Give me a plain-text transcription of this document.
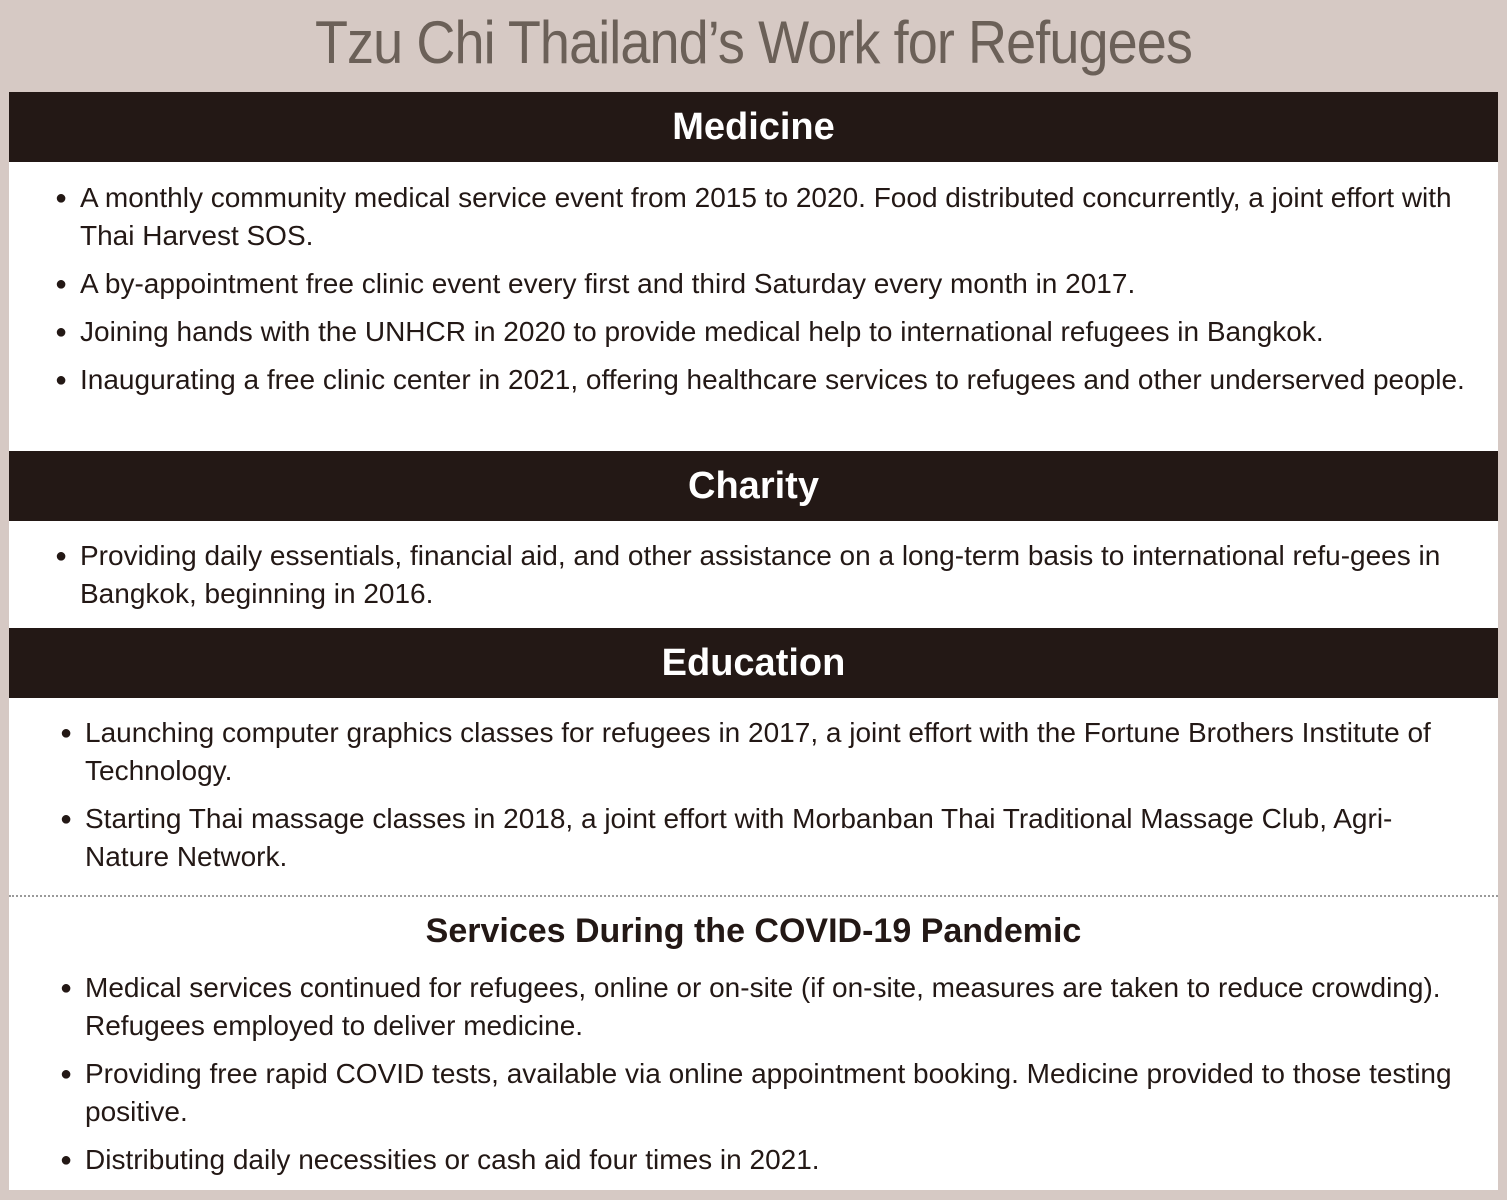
Tzu Chi Thailand’s Work for Refugees
Medicine
● A monthly community medical service event from 2015 to 2020. Food distributed concurrently, a joint effort with Thai Harvest SOS.
● A by-appointment free clinic event every first and third Saturday every month in 2017.
● Joining hands with the UNHCR in 2020 to provide medical help to international refugees in Bangkok.
● Inaugurating a free clinic center in 2021, offering healthcare services to refugees and other underserved people.
Charity
● Providing daily essentials, financial aid, and other assistance on a long-term basis to international refu-gees in Bangkok, beginning in 2016.
Education
● Launching computer graphics classes for refugees in 2017, a joint effort with the Fortune Brothers Institute of Technology.
● Starting Thai massage classes in 2018, a joint effort with Morbanban Thai Traditional Massage Club, Agri-Nature Network.
Services During the COVID-19 Pandemic
● Medical services continued for refugees, online or on-site (if on-site, measures are taken to reduce crowding). Refugees employed to deliver medicine.
● Providing free rapid COVID tests, available via online appointment booking. Medicine provided to those testing positive.
● Distributing daily necessities or cash aid four times in 2021.
